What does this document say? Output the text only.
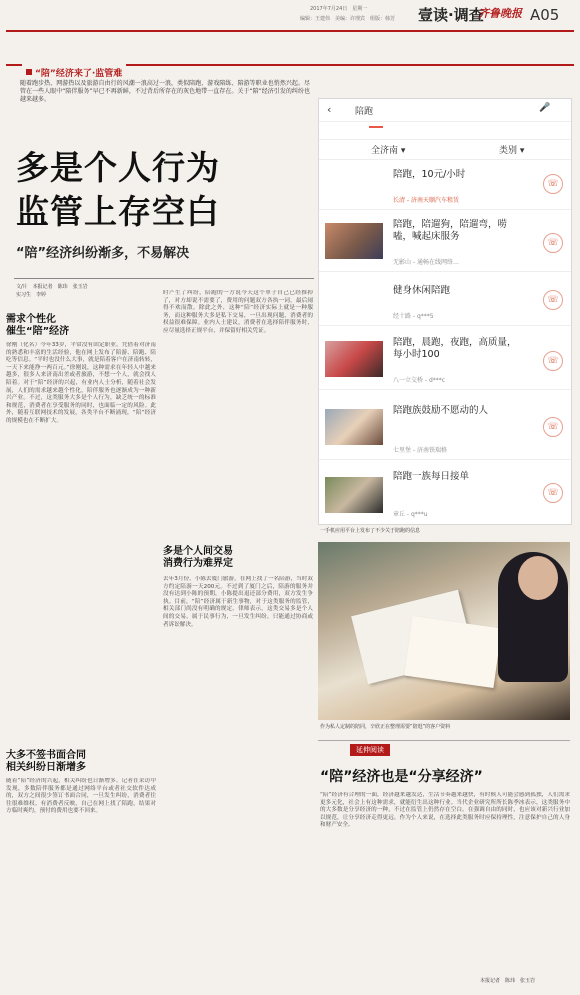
2017年7月24日　星期一
编辑：王建伟　美编：许理宾　组版：韩芳 壹读·调查
齐鲁晚报 A05
“陪”经济来了·监管难
随着跑步热、网游热以及旅游自由行的风潮一浪高过一浪，类似陪跑、游戏陪练、陪游等职业也悄然兴起。尽管在一些人眼中“陪伴服务”早已不再新鲜，不过背后所存在的灰色地带一直存在。关于“陪”经济引发的纠纷也越来越多。
多是个人行为
监管上存空白
“陪”经济纠纷渐多，不易解决
文/片　本报记者　陈玮　张玉岩
实习生　李婷
需求个性化
催生“陪”经济
徐刚（化名）今年33岁，平常没有固定职业，凭借着对济南的熟悉和丰富的生活经验，他在网上发布了陪游、陪跑、陪吃等信息。“平时也没什么大事，就是陪着客户在济南转转，一天下来能挣一两百元。”徐刚说，这种需求在年轻人中越来越多，很多人来济南出差或者旅游，不想一个人，就会找人陪着。对于“陪”经济的兴起，有业内人士分析，随着社会发展，人们的需求越来越个性化，陪伴服务也逐渐成为一种新兴产业。不过，这类服务大多是个人行为，缺乏统一的标准和规范，消费者在享受服务的同时，也面临一定的风险。此外，随着互联网技术的发展，各类平台不断涌现，“陪”经济的规模也在不断扩大。
大多不签书面合同
相关纠纷日渐增多
随着“陪”经济的兴起，相关纠纷也日渐增多。记者在采访中发现，多数陪伴服务都是通过网络平台或者社交软件达成的，双方之间很少签订书面合同，一旦发生纠纷，消费者往往很难维权。有消费者反映，自己在网上找了陪跑，结果对方临时爽约，预付的费用也要不回来。
时产生了纠纷，陪跑的一方说今天这个单子自己已经推掉了，对方却说不需要了，费用的问题双方各执一词，最后闹得不欢而散。除此之外，这种“陪”经济实际上就是一种服务，而这种服务大多是私下交易，一旦出现问题，消费者的权益很难保障。业内人士建议，消费者在选择陪伴服务时，应尽量选择正规平台，并保留好相关凭证。
多是个人间交易
消费行为难界定
去年3月份，小陈去厦门旅游，在网上找了一名陪游，当时双方约定陪游一天200元。不过到了厦门之后，陪游的服务并没有达到小陈的预期，小陈提出退还部分费用，双方发生争执。目前，“陪”经济属于新生事物，对于这类服务的监管，相关部门尚没有明确的规定。律师表示，这类交易多是个人间的交易，属于民事行为，一旦发生纠纷，只能通过协商或者诉讼解决。
‹	陪跑	🎤
全济南 ▾	类别 ▾
陪跑，10元/小时
长清 - 济南天顺汽车租赁
☏
陪跑，陪遛狗，陪遛弯，唠嗑，喊起床服务
无影山 - 通畅在线网络…
☏
健身休闲陪跑
经十路 - q***5
☏
陪跑，晨跑，夜跑，高质量，每小时100
八一立交桥 - d***c
☏
陪跑族鼓励不愿动的人
七里堡 - 济南铁瑞格
☏
陪跑一族每日接单
章丘 - q***u
☏
一手机应用平台上发布了不少关于陪跑的信息
作为私人定制的陪同，辛欣正在整理需要“陪逛”的客户资料
延伸阅读
“陪”经济也是“分享经济”
“陪”经济有合理的一面，经济越来越发达，生活节奏越来越快，有时候人可能会感到孤独，人们需求更多元化，社会上有这种需求，就能衍生出这种行业。当代企业研究所所长陈季冰表示，这类服务中的大多数是分享经济的一种，不过在监管上仍然存在空白。在强调自由的同时，也应该对新兴行业加以规范，让分享经济走得更远。作为个人来说，在选择此类服务时应保持理性，注意保护自己的人身和财产安全。
本报记者　陈玮　张玉岩
